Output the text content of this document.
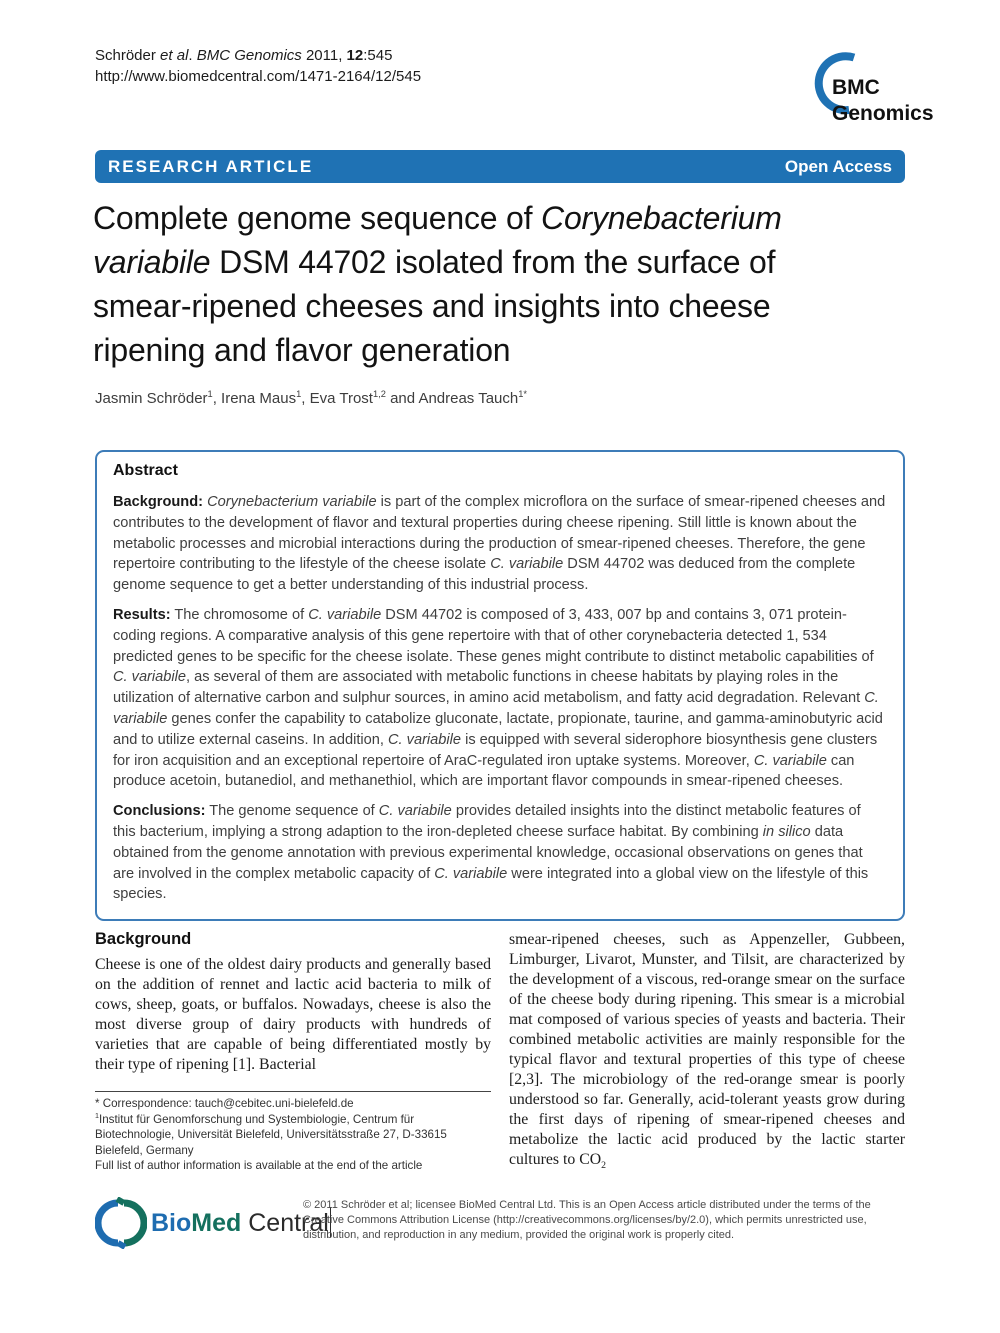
Schröder et al. BMC Genomics 2011, 12:545
http://www.biomedcentral.com/1471-2164/12/545	BMC
Genomics
RESEARCH ARTICLE	Open Access
Complete genome sequence of Corynebacterium
variabile DSM 44702 isolated from the surface of
smear-ripened cheeses and insights into cheese
ripening and flavor generation
Jasmin Schröder$^1$, Irena Maus$^1$, Eva Trost$^{1,2}$ and Andreas Tauch$^{1*}$
Abstract

Background: Corynebacterium variabile is part of the complex microflora on the surface of smear-ripened cheeses and contributes to the development of flavor and textural properties during cheese ripening. Still little is known about the metabolic processes and microbial interactions during the production of smear-ripened cheeses. Therefore, the gene repertoire contributing to the lifestyle of the cheese isolate C. variabile DSM 44702 was deduced from the complete genome sequence to get a better understanding of this industrial process.

Results: The chromosome of C. variabile DSM 44702 is composed of 3, 433, 007 bp and contains 3, 071 protein-coding regions. A comparative analysis of this gene repertoire with that of other corynebacteria detected 1, 534 predicted genes to be specific for the cheese isolate. These genes might contribute to distinct metabolic capabilities of C. variabile, as several of them are associated with metabolic functions in cheese habitats by playing roles in the utilization of alternative carbon and sulphur sources, in amino acid metabolism, and fatty acid degradation. Relevant C. variabile genes confer the capability to catabolize gluconate, lactate, propionate, taurine, and gamma-aminobutyric acid and to utilize external caseins. In addition, C. variabile is equipped with several siderophore biosynthesis gene clusters for iron acquisition and an exceptional repertoire of AraC-regulated iron uptake systems. Moreover, C. variabile can produce acetoin, butanediol, and methanethiol, which are important flavor compounds in smear-ripened cheeses.

Conclusions: The genome sequence of C. variabile provides detailed insights into the distinct metabolic features of this bacterium, implying a strong adaption to the iron-depleted cheese surface habitat. By combining in silico data obtained from the genome annotation with previous experimental knowledge, occasional observations on genes that are involved in the complex metabolic capacity of C. variabile were integrated into a global view on the lifestyle of this species.

Background

Cheese is one of the oldest dairy products and generally based on the addition of rennet and lactic acid bacteria to milk of cows, sheep, goats, or buffalos. Nowadays, cheese is also the most diverse group of dairy products with hundreds of varieties that are capable of being differentiated mostly by their type of ripening [1]. Bacterial

* Correspondence: tauch@cebitec.uni-bielefeld.de
$^1$Institut für Genomforschung und Systembiologie, Centrum für Biotechnologie, Universität Bielefeld, Universitätsstraße 27, D-33615 Bielefeld, Germany
Full list of author information is available at the end of the article

smear-ripened cheeses, such as Appenzeller, Gubbeen, Limburger, Livarot, Munster, and Tilsit, are characterized by the development of a viscous, red-orange smear on the surface of the cheese body during ripening. This smear is a microbial mat composed of various species of yeasts and bacteria. Their combined metabolic activities are mainly responsible for the typical flavor and textural properties of this type of cheese [2,3]. The microbiology of the red-orange smear is poorly understood so far. Generally, acid-tolerant yeasts grow during the first days of ripening of smear-ripened cheeses and metabolize the lactic acid produced by the lactic starter cultures to $CO_2$

BioMed Central
© 2011 Schröder et al; licensee BioMed Central Ltd. This is an Open Access article distributed under the terms of the Creative Commons Attribution License (http://creativecommons.org/licenses/by/2.0), which permits unrestricted use, distribution, and reproduction in any medium, provided the original work is properly cited.
